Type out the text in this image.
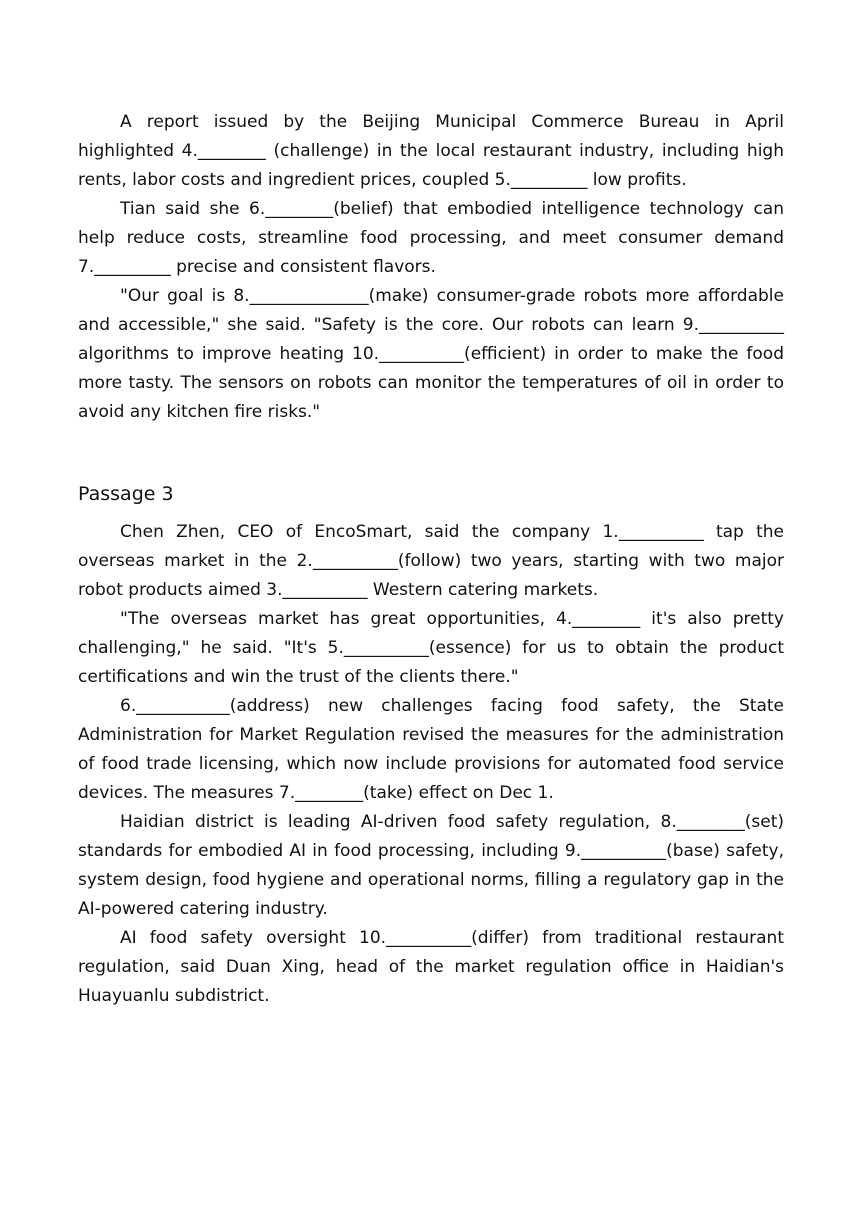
A report issued by the Beijing Municipal Commerce Bureau in April highlighted 4.________ (challenge) in the local restaurant industry, including high rents, labor costs and ingredient prices, coupled 5._________ low profits.

Tian said she 6.________(belief) that embodied intelligence technology can help reduce costs, streamline food processing, and meet consumer demand 7._________ precise and consistent flavors.

"Our goal is 8.______________(make) consumer-grade robots more affordable and accessible," she said. "Safety is the core. Our robots can learn 9.__________ algorithms to improve heating 10.__________(efficient) in order to make the food more tasty. The sensors on robots can monitor the temperatures of oil in order to avoid any kitchen fire risks."

Passage 3

Chen Zhen, CEO of EncoSmart, said the company 1.__________ tap the overseas market in the 2.__________(follow) two years, starting with two major robot products aimed 3.__________ Western catering markets.

"The overseas market has great opportunities, 4.________ it's also pretty challenging," he said. "It's 5.__________(essence) for us to obtain the product certifications and win the trust of the clients there."

6.___________(address) new challenges facing food safety, the State Administration for Market Regulation revised the measures for the administration of food trade licensing, which now include provisions for automated food service devices. The measures 7.________(take) effect on Dec 1.

Haidian district is leading AI-driven food safety regulation, 8.________(set) standards for embodied AI in food processing, including 9.__________(base) safety, system design, food hygiene and operational norms, filling a regulatory gap in the AI-powered catering industry.

AI food safety oversight 10.__________(differ) from traditional restaurant regulation, said Duan Xing, head of the market regulation office in Haidian's Huayuanlu subdistrict.
